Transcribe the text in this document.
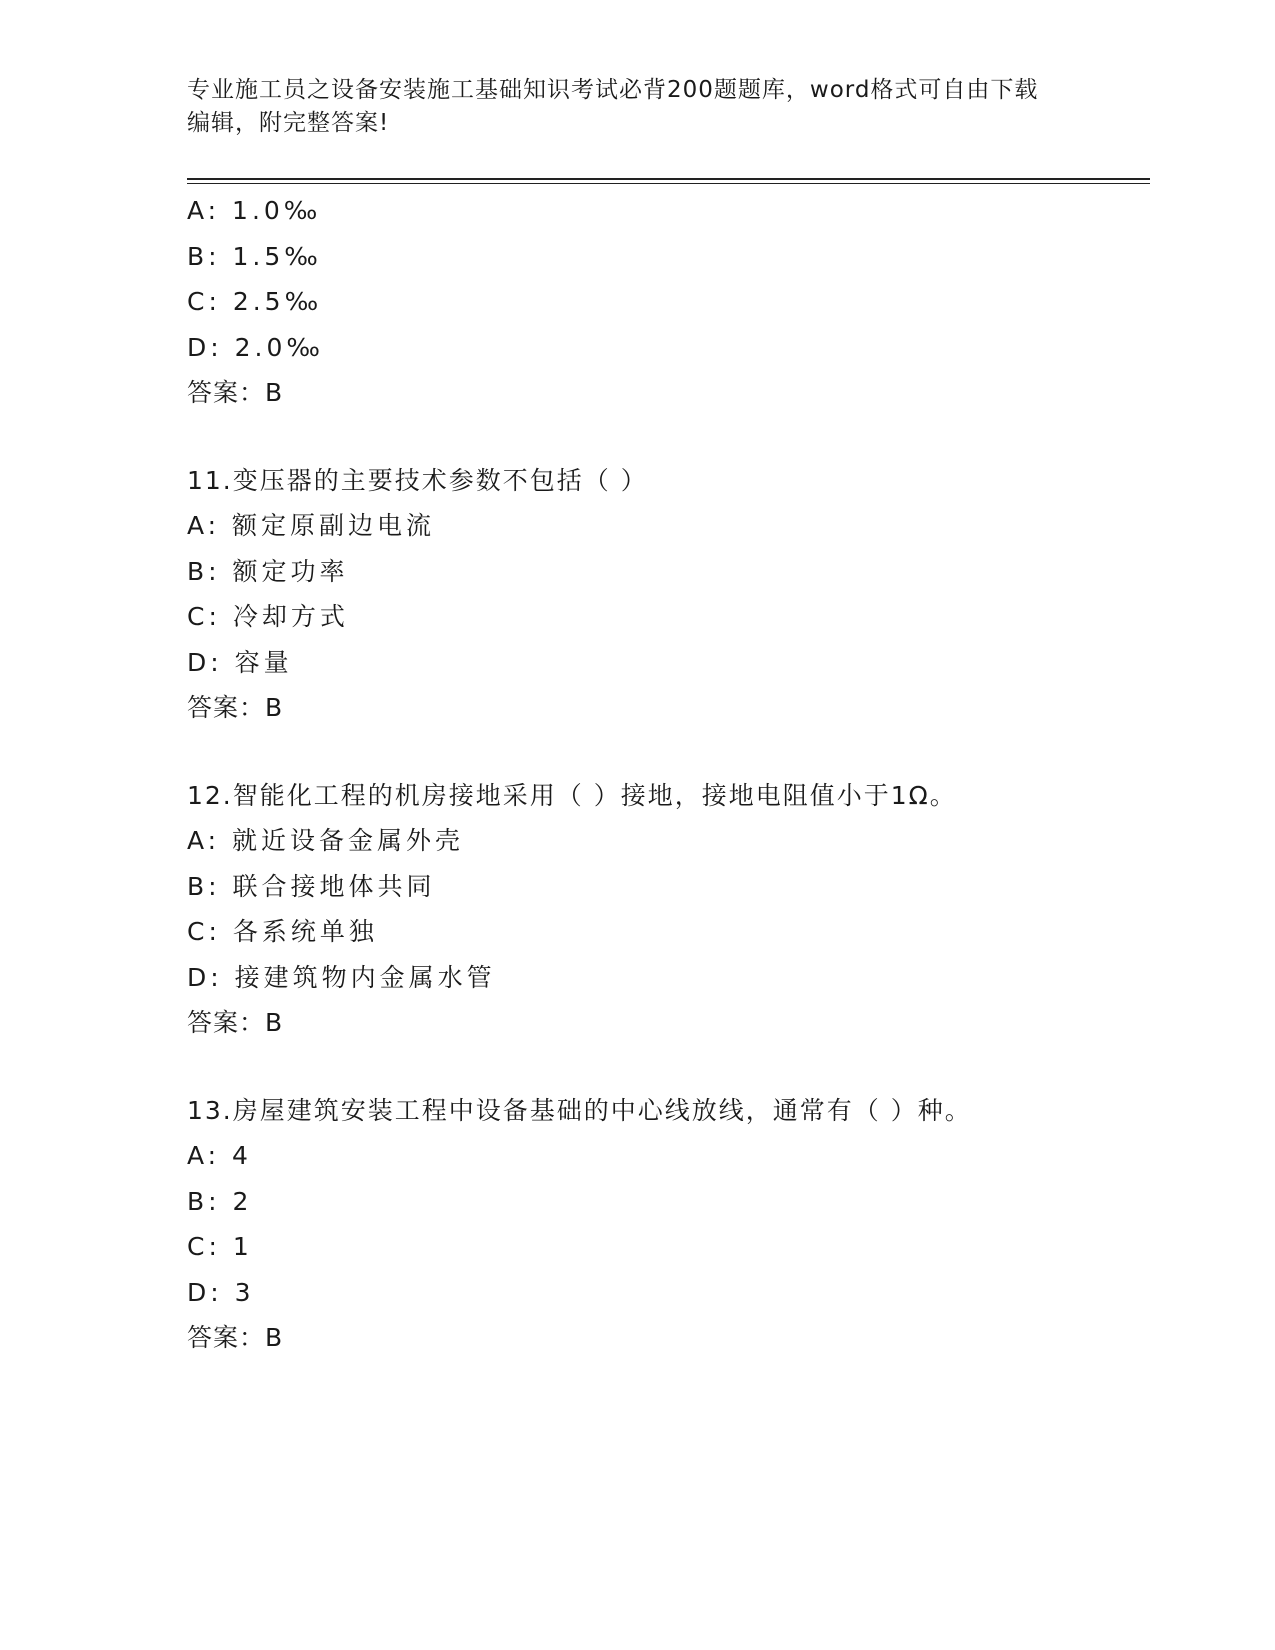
专业施工员之设备安装施工基础知识考试必背200题题库，word格式可自由下载
编辑，附完整答案!
A: 1.0‰
B: 1.5‰
C: 2.5‰
D: 2.0‰
答案：B
11.变压器的主要技术参数不包括（ ）
A: 额定原副边电流
B: 额定功率
C: 冷却方式
D: 容量
答案：B
12.智能化工程的机房接地采用（ ）接地，接地电阻值小于1Ω。
A: 就近设备金属外壳
B: 联合接地体共同
C: 各系统单独
D: 接建筑物内金属水管
答案：B
13.房屋建筑安装工程中设备基础的中心线放线，通常有（ ）种。
A: 4
B: 2
C: 1
D: 3
答案：B
